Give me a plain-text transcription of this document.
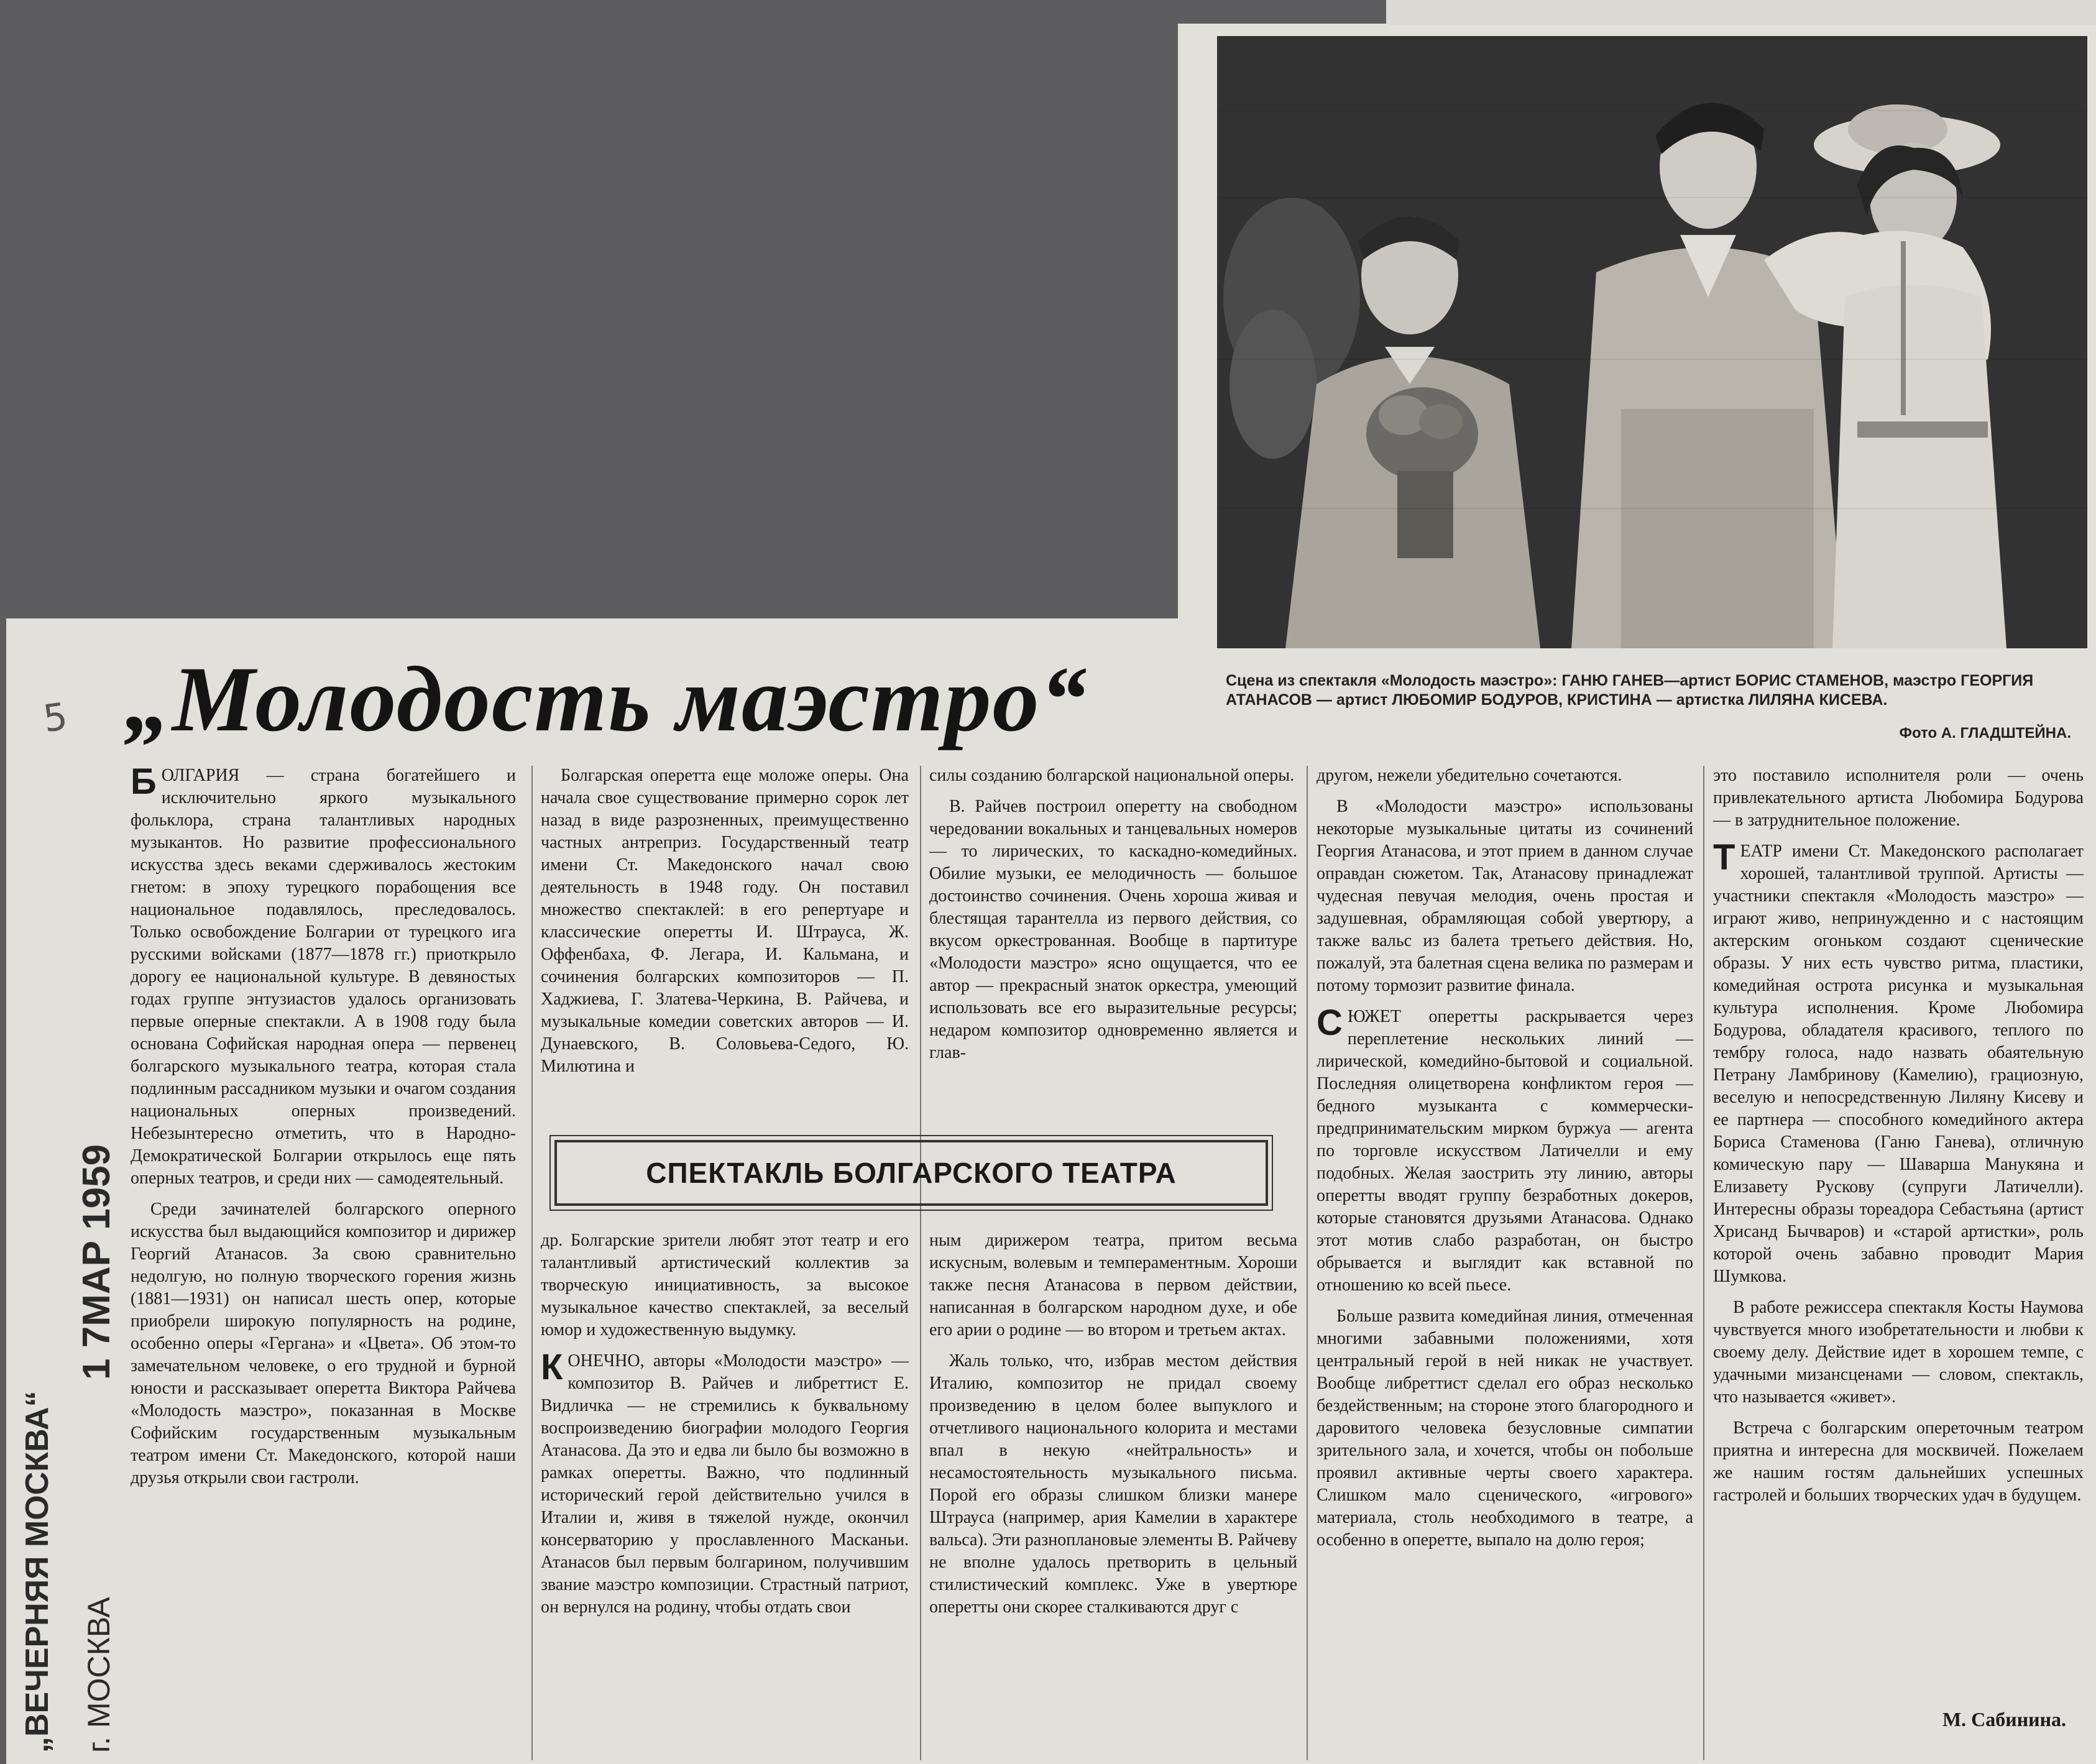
Сцена из спектакля «Молодость маэстро»: ГАНЮ ГАНЕВ—артист БОРИС СТАМЕНОВ, маэстро ГЕОРГИЯ АТАНАСОВ — артист ЛЮБОМИР БОДУРОВ, КРИСТИНА — артистка ЛИЛЯНА КИСЕВА.
Фото А. ГЛАДШТЕЙНА.
5 „Молодость маэстро“
„ВЕЧЕРНЯЯ МОСКВА“ г. МОСКВА
1 7МАР 1959

БОЛГАРИЯ — страна богатейшего и исключительно яркого музыкального фольклора, страна талантливых народных музыкантов. Но развитие профессионального искусства здесь веками сдерживалось жестоким гнетом: в эпоху турецкого порабощения все национальное подавлялось, преследовалось. Только освобождение Болгарии от турецкого ига русскими войсками (1877—1878 гг.) приоткрыло дорогу ее национальной культуре. В девяностых годах группе энтузиастов удалось организовать первые оперные спектакли. А в 1908 году была основана Софийская народная опера — первенец болгарского музыкального театра, которая стала подлинным рассадником музыки и очагом создания национальных оперных произведений. Небезынтересно отметить, что в Народно-Демократической Болгарии открылось еще пять оперных театров, и среди них — самодеятельный.

Среди зачинателей болгарского оперного искусства был выдающийся композитор и дирижер Георгий Атанасов. За свою сравнительно недолгую, но полную творческого горения жизнь (1881—1931) он написал шесть опер, которые приобрели широкую популярность на родине, особенно оперы «Гергана» и «Цвета». Об этом-то замечательном человеке, о его трудной и бурной юности и рассказывает оперетта Виктора Райчева «Молодость маэстро», показанная в Москве Софийским государственным музыкальным театром имени Ст. Македонского, которой наши друзья открыли свои гастроли.

Болгарская оперетта еще моложе оперы. Она начала свое существование примерно сорок лет назад в виде разрозненных, преимущественно частных антреприз. Государственный театр имени Ст. Македонского начал свою деятельность в 1948 году. Он поставил множество спектаклей: в его репертуаре и классические оперетты И. Штрауса, Ж. Оффенбаха, Ф. Легара, И. Кальмана, и сочинения болгарских композиторов — П. Хаджиева, Г. Златева-Черкина, В. Райчева, и музыкальные комедии советских авторов — И. Дунаевского, В. Соловьева-Седого, Ю. Милютина и

силы созданию болгарской национальной оперы.

В. Райчев построил оперетту на свободном чередовании вокальных и танцевальных номеров — то лирических, то каскадно-комедийных. Обилие музыки, ее мелодичность — большое достоинство сочинения. Очень хороша живая и блестящая тарантелла из первого действия, со вкусом оркестрованная. Вообще в партитуре «Молодости маэстро» ясно ощущается, что ее автор — прекрасный знаток оркестра, умеющий использовать все его выразительные ресурсы; недаром композитор одновременно является и глав-

СПЕКТАКЛЬ БОЛГАРСКОГО ТЕАТРА

др. Болгарские зрители любят этот театр и его талантливый артистический коллектив за творческую инициативность, за высокое музыкальное качество спектаклей, за веселый юмор и художественную выдумку.

КОНЕЧНО, авторы «Молодости маэстро» — композитор В. Райчев и либреттист Е. Видличка — не стремились к буквальному воспроизведению биографии молодого Георгия Атанасова. Да это и едва ли было бы возможно в рамках оперетты. Важно, что подлинный исторический герой действительно учился в Италии и, живя в тяжелой нужде, окончил консерваторию у прославленного Масканьи. Атанасов был первым болгарином, получившим звание маэстро композиции. Страстный патриот, он вернулся на родину, чтобы отдать свои

ным дирижером театра, притом весьма искусным, волевым и темпераментным. Хороши также песня Атанасова в первом действии, написанная в болгарском народном духе, и обе его арии о родине — во втором и третьем актах.

Жаль только, что, избрав местом действия Италию, композитор не придал своему произведению в целом более выпуклого и отчетливого национального колорита и местами впал в некую «нейтральность» и несамостоятельность музыкального письма. Порой его образы слишком близки манере Штрауса (например, ария Камелии в характере вальса). Эти разноплановые элементы В. Райчеву не вполне удалось претворить в цельный стилистический комплекс. Уже в увертюре оперетты они скорее сталкиваются друг с

другом, нежели убедительно сочетаются.

В «Молодости маэстро» использованы некоторые музыкальные цитаты из сочинений Георгия Атанасова, и этот прием в данном случае оправдан сюжетом. Так, Атанасову принадлежат чудесная певучая мелодия, очень простая и задушевная, обрамляющая собой увертюру, а также вальс из балета третьего действия. Но, пожалуй, эта балетная сцена велика по размерам и потому тормозит развитие финала.

СЮЖЕТ оперетты раскрывается через переплетение нескольких линий — лирической, комедийно-бытовой и социальной. Последняя олицетворена конфликтом героя — бедного музыканта с коммерчески-предпринимательским мирком буржуа — агента по торговле искусством Латичелли и ему подобных. Желая заострить эту линию, авторы оперетты вводят группу безработных докеров, которые становятся друзьями Атанасова. Однако этот мотив слабо разработан, он быстро обрывается и выглядит как вставной по отношению ко всей пьесе.

Больше развита комедийная линия, отмеченная многими забавными положениями, хотя центральный герой в ней никак не участвует. Вообще либреттист сделал его образ несколько бездейственным; на стороне этого благородного и даровитого человека безусловные симпатии зрительного зала, и хочется, чтобы он побольше проявил активные черты своего характера. Слишком мало сценического, «игрового» материала, столь необходимого в театре, а особенно в оперетте, выпало на долю героя;

это поставило исполнителя роли — очень привлекательного артиста Любомира Бодурова — в затруднительное положение.

ТЕАТР имени Ст. Македонского располагает хорошей, талантливой труппой. Артисты — участники спектакля «Молодость маэстро» — играют живо, непринужденно и с настоящим актерским огоньком создают сценические образы. У них есть чувство ритма, пластики, комедийная острота рисунка и музыкальная культура исполнения. Кроме Любомира Бодурова, обладателя красивого, теплого по тембру голоса, надо назвать обаятельную Петрану Ламбринову (Камелию), грациозную, веселую и непосредственную Лиляну Кисеву и ее партнера — способного комедийного актера Бориса Стаменова (Ганю Ганева), отличную комическую пару — Шаварша Манукяна и Елизавету Рускову (супруги Латичелли). Интересны образы тореадора Себастьяна (артист Хрисанд Бычваров) и «старой артистки», роль которой очень забавно проводит Мария Шумкова.

В работе режиссера спектакля Косты Наумова чувствуется много изобретательности и любви к своему делу. Действие идет в хорошем темпе, с удачными мизансценами — словом, спектакль, что называется «живет».

Встреча с болгарским опереточным театром приятна и интересна для москвичей. Пожелаем же нашим гостям дальнейших успешных гастролей и больших творческих удач в будущем.

М. Сабинина.
